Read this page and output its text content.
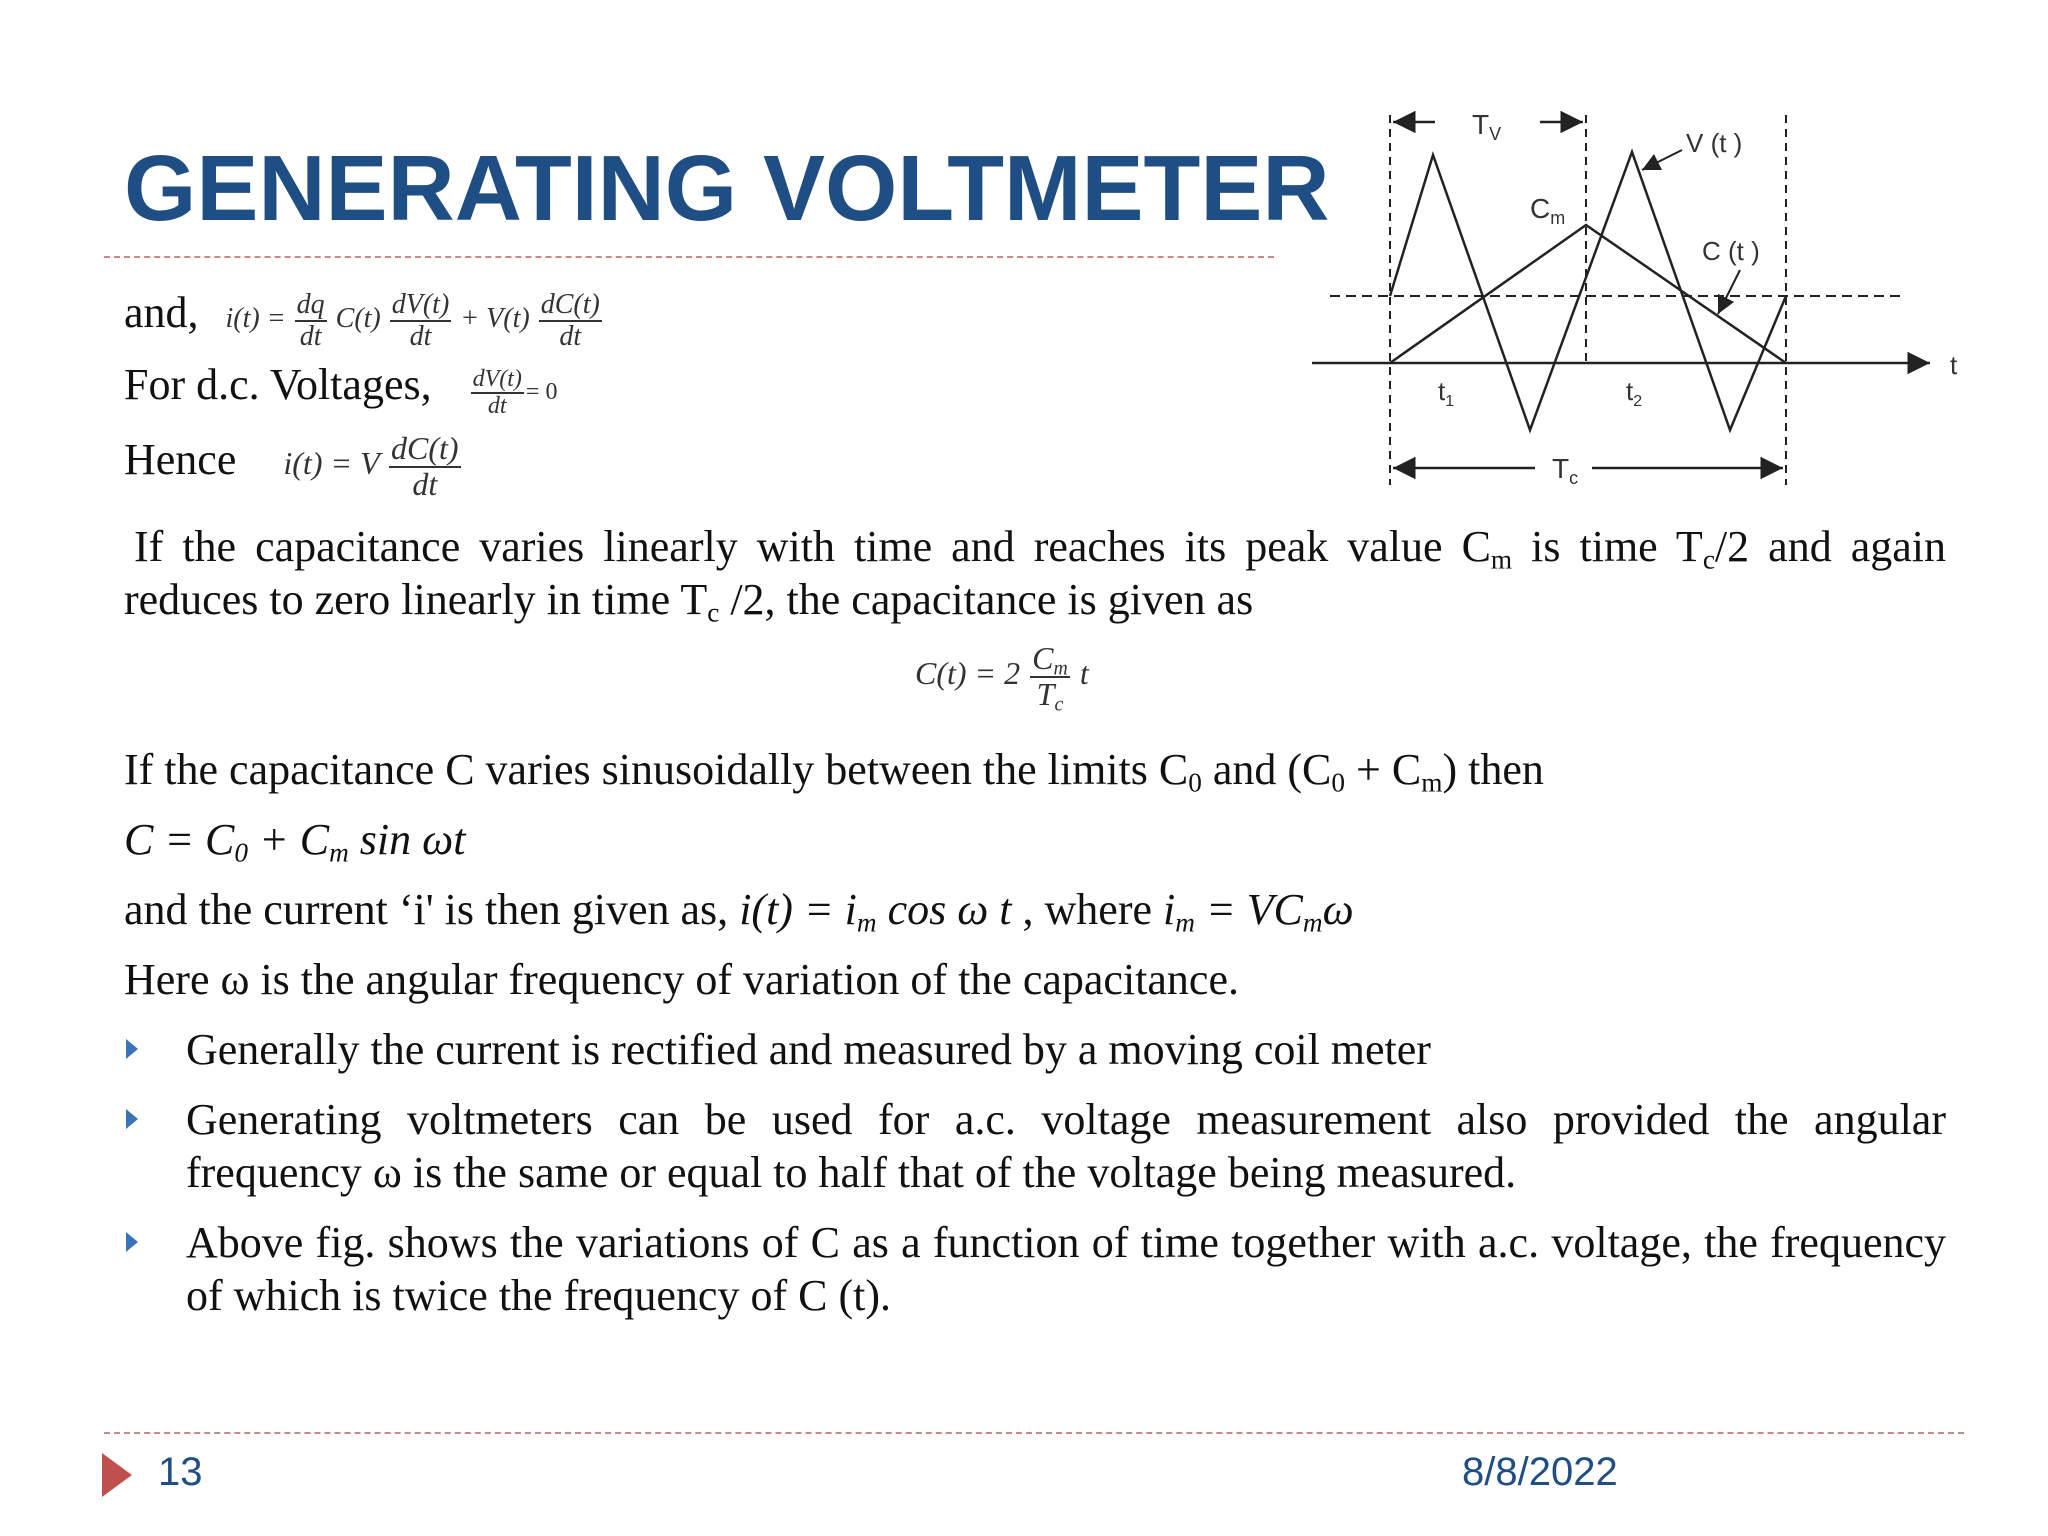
GENERATING VOLTMETER
$T_V$	V (t )
$C_m$
C (t )
t
$t_1$	$t_2$
$T_c$
and, $i(t) = \frac{dq}{dt} C(t) \frac{dV(t)}{dt} + V(t) \frac{dC(t)}{dt}$
For d.c. Voltages, $\frac{dV(t)}{dt} = 0$
Hence i(t) = V $\frac{dC(t)}{dt}$
If the capacitance varies linearly with time and reaches its peak value $C_m$ is time $T_c/2$ and again reduces to zero linearly in time $T_c$ /2, the capacitance is given as
$C(t) = 2 \frac{C_m}{T_c}$ t
If the capacitance C varies sinusoidally between the limits $C_0$ and $(C_0 + C_m)$ then
$C = C_0 + C_m$ sin ωt
and the current ‘i' is then given as, $i(t) = i_m$ cos ω t , where $i_m = VC_m\omega$
Here ω is the angular frequency of variation of the capacitance.
Generally the current is rectified and measured by a moving coil meter
Generating voltmeters can be used for a.c. voltage measurement also provided the angular frequency ω is the same or equal to half that of the voltage being measured.
Above fig. shows the variations of C as a function of time together with a.c. voltage, the frequency of which is twice the frequency of C (t).
13	8/8/2022
